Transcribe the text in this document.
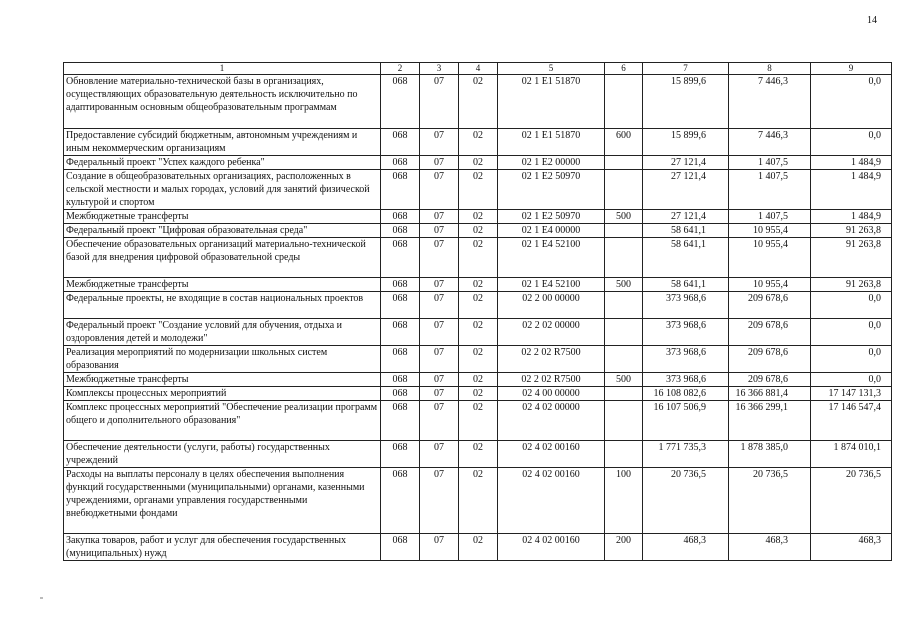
14
1	2	3	4	5	6	7	8	9
Обновление материально-технической базы в организациях, осуществляющих образовательную деятельность исключительно по адаптированным основным общеобразовательным программам	068	07	02	02 1 E1 51870		15 899,6	7 446,3	0,0
Предоставление субсидий бюджетным, автономным учреждениям и иным некоммерческим организациям	068	07	02	02 1 E1 51870	600	15 899,6	7 446,3	0,0
Федеральный проект "Успех каждого ребенка"	068	07	02	02 1 E2 00000		27 121,4	1 407,5	1 484,9
Создание в общеобразовательных организациях, расположенных в сельской местности и малых городах, условий для занятий физической культурой и спортом	068	07	02	02 1 E2 50970		27 121,4	1 407,5	1 484,9
Межбюджетные трансферты	068	07	02	02 1 E2 50970	500	27 121,4	1 407,5	1 484,9
Федеральный проект "Цифровая образовательная среда"	068	07	02	02 1 E4 00000		58 641,1	10 955,4	91 263,8
Обеспечение образовательных организаций материально-технической базой для внедрения цифровой образовательной среды	068	07	02	02 1 E4 52100		58 641,1	10 955,4	91 263,8
Межбюджетные трансферты	068	07	02	02 1 E4 52100	500	58 641,1	10 955,4	91 263,8
Федеральные проекты, не входящие в состав национальных проектов	068	07	02	02 2 00 00000		373 968,6	209 678,6	0,0
Федеральный проект "Создание условий для обучения, отдыха и оздоровления детей и молодежи"	068	07	02	02 2 02 00000		373 968,6	209 678,6	0,0
Реализация мероприятий по модернизации школьных систем образования	068	07	02	02 2 02 R7500		373 968,6	209 678,6	0,0
Межбюджетные трансферты	068	07	02	02 2 02 R7500	500	373 968,6	209 678,6	0,0
Комплексы процессных мероприятий	068	07	02	02 4 00 00000		16 108 082,6	16 366 881,4	17 147 131,3
Комплекс процессных мероприятий "Обеспечение реализации программ общего и дополнительного образования"	068	07	02	02 4 02 00000		16 107 506,9	16 366 299,1	17 146 547,4
Обеспечение деятельности (услуги, работы) государственных учреждений	068	07	02	02 4 02 00160		1 771 735,3	1 878 385,0	1 874 010,1
Расходы на выплаты персоналу в целях обеспечения выполнения функций государственными (муниципальными) органами, казенными учреждениями, органами управления государственными внебюджетными фондами	068	07	02	02 4 02 00160	100	20 736,5	20 736,5	20 736,5
Закупка товаров, работ и услуг для обеспечения государственных (муниципальных) нужд	068	07	02	02 4 02 00160	200	468,3	468,3	468,3
